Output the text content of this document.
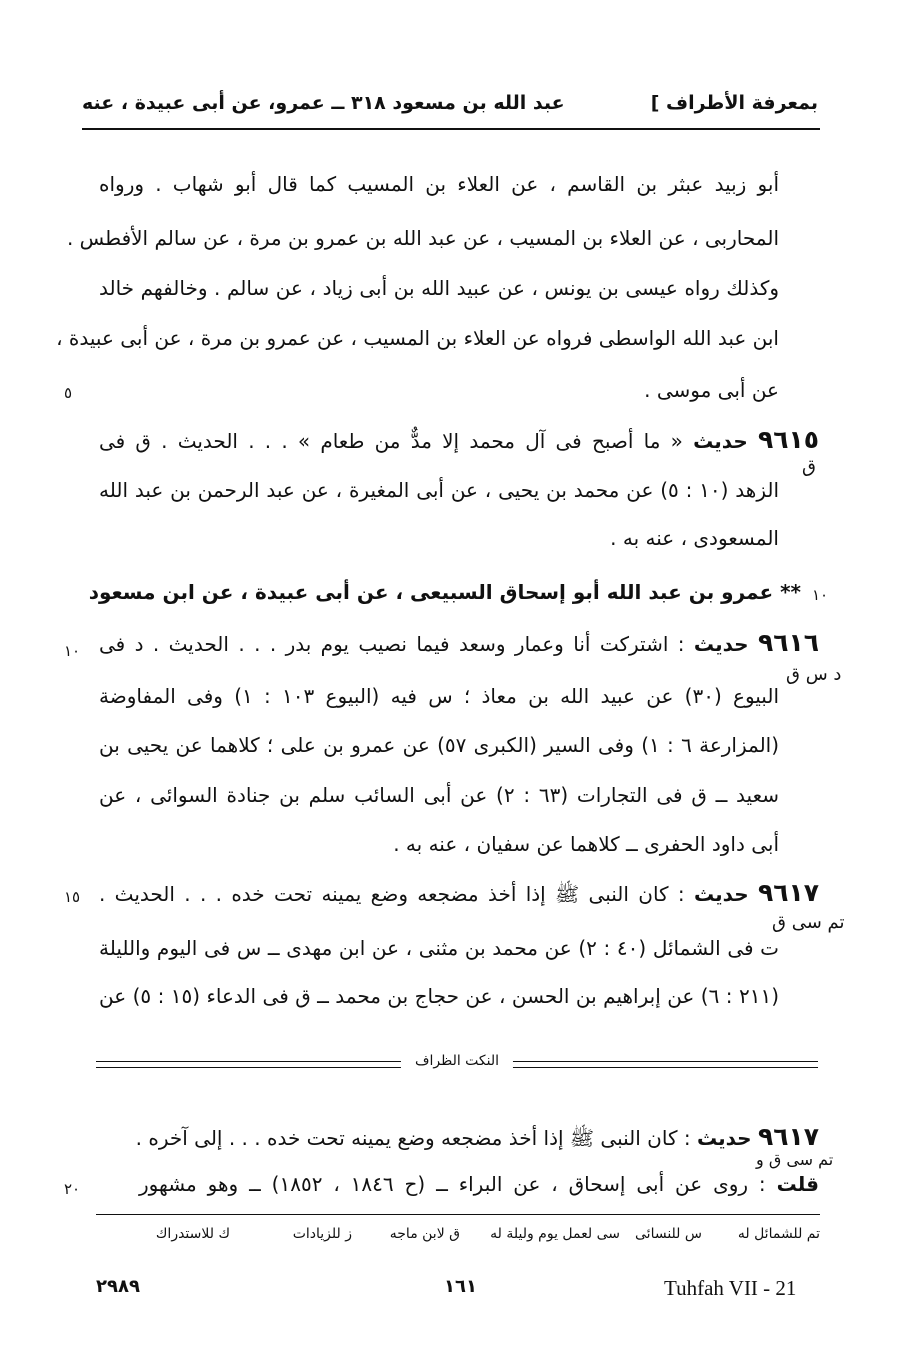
بمعرفة الأطراف ]
عبد الله بن مسعود ٣١٨ ــ عمرو، عن أبى عبيدة ، عنه
أبو زبيد عبثر بن القاسم ، عن العلاء بن المسيب كما قال أبو شهاب . ورواه
المحاربى ، عن العلاء بن المسيب ، عن عبد الله بن عمرو بن مرة ، عن سالم الأفطس .
وكذلك رواه عيسى بن يونس ، عن عبيد الله بن أبى زياد ، عن سالم . وخالفهم خالد
ابن عبد الله الواسطى فرواه عن العلاء بن المسيب ، عن عمرو بن مرة ، عن أبى عبيدة ،
عن أبى موسى .
٥
٩٦١٥ حديث « ما أصبح فى آل محمد إلا مدٌّ من طعام » . . . الحديث . ق فى
الزهد (١٠ : ٥) عن محمد بن يحيى ، عن أبى المغيرة ، عن عبد الرحمن بن عبد الله
المسعودى ، عنه به .
ق
** عمرو بن عبد الله أبو إسحاق السبيعى ، عن أبى عبيدة ، عن ابن مسعود ١٠
٩٦١٦ حديث : اشتركت أنا وعمار وسعد فيما نصيب يوم بدر . . . الحديث . د فى
١٠
د س ق
البيوع (٣٠) عن عبيد الله بن معاذ ؛ س فيه (البيوع ١٠٣ : ١) وفى المفاوضة
(المزارعة ٦ : ١) وفى السير (الكبرى ٥٧) عن عمرو بن على ؛ كلاهما عن يحيى بن
سعيد ــ ق فى التجارات (٦٣ : ٢) عن أبى السائب سلم بن جنادة السوائى ، عن
أبى داود الحفرى ــ كلاهما عن سفيان ، عنه به .
٩٦١٧ حديث : كان النبى ﷺ إذا أخذ مضجعه وضع يمينه تحت خده . . . الحديث .
١٥
تم سى ق
ت فى الشمائل (٤٠ : ٢) عن محمد بن مثنى ، عن ابن مهدى ــ س فى اليوم والليلة
(٢١١ : ٦) عن إبراهيم بن الحسن ، عن حجاج بن محمد ــ ق فى الدعاء (١٥ : ٥) عن
النكت الظراف
٩٦١٧ حديث : كان النبى ﷺ إذا أخذ مضجعه وضع يمينه تحت خده . . . إلى آخره .
تم سى ق و
قلت : روى عن أبى إسحاق ، عن البراء ــ (ح ١٨٤٦ ، ١٨٥٢) ــ وهو مشهور
٢٠
تم للشمائل له
س للنسائى
سى لعمل يوم وليلة له
ق لابن ماجه
ز للزيادات
ك للاستدراك
٢٩٨٩	١٦١	Tuhfah VII - 21
